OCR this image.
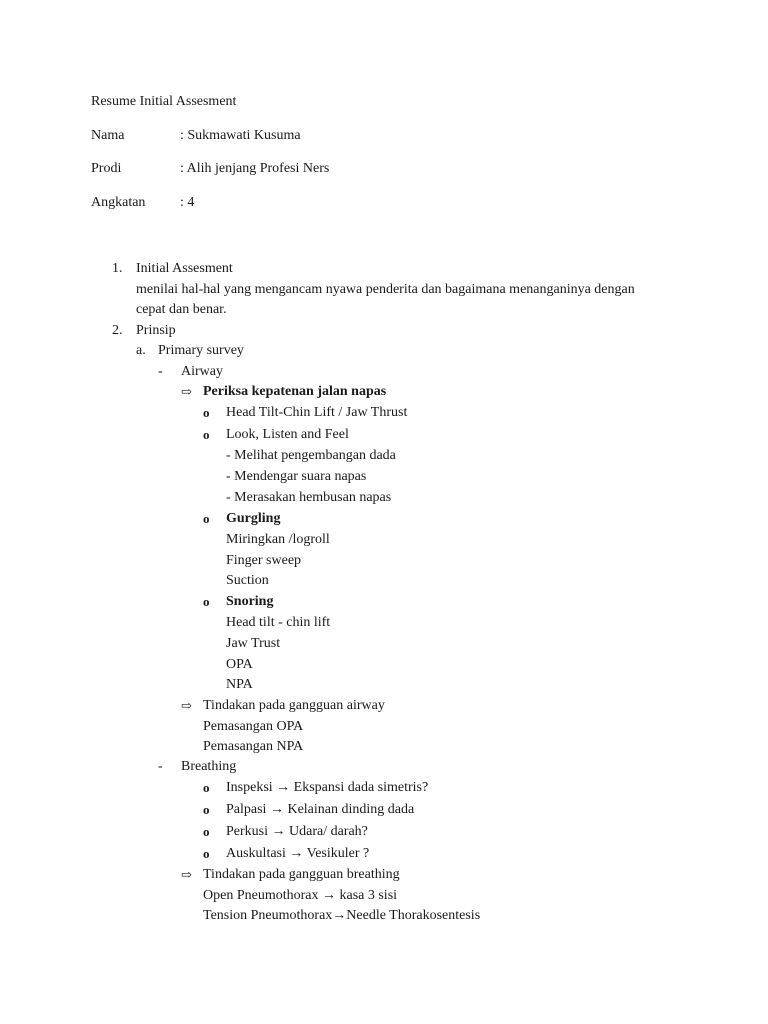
Resume Initial Assesment
Nama	: Sukmawati Kusuma
Prodi	: Alih jenjang Profesi Ners
Angkatan : 4
1. Initial Assesment
menilai hal-hal yang mengancam nyawa penderita dan bagaimana menanganinya dengan
cepat dan benar.
2. Prinsip
a. Primary survey
- Airway
⇨ Periksa kepatenan jalan napas
o Head Tilt-Chin Lift / Jaw Thrust
o Look, Listen and Feel
- Melihat pengembangan dada
- Mendengar suara napas
- Merasakan hembusan napas
o Gurgling
Miringkan /logroll
Finger sweep
Suction
o Snoring
Head tilt - chin lift
Jaw Trust
OPA
NPA
⇨ Tindakan pada gangguan airway
Pemasangan OPA
Pemasangan NPA
- Breathing
o Inspeksi → Ekspansi dada simetris?
o Palpasi → Kelainan dinding dada
o Perkusi → Udara/ darah?
o Auskultasi → Vesikuler ?
⇨ Tindakan pada gangguan breathing
Open Pneumothorax → kasa 3 sisi
Tension Pneumothorax→Needle Thorakosentesis
